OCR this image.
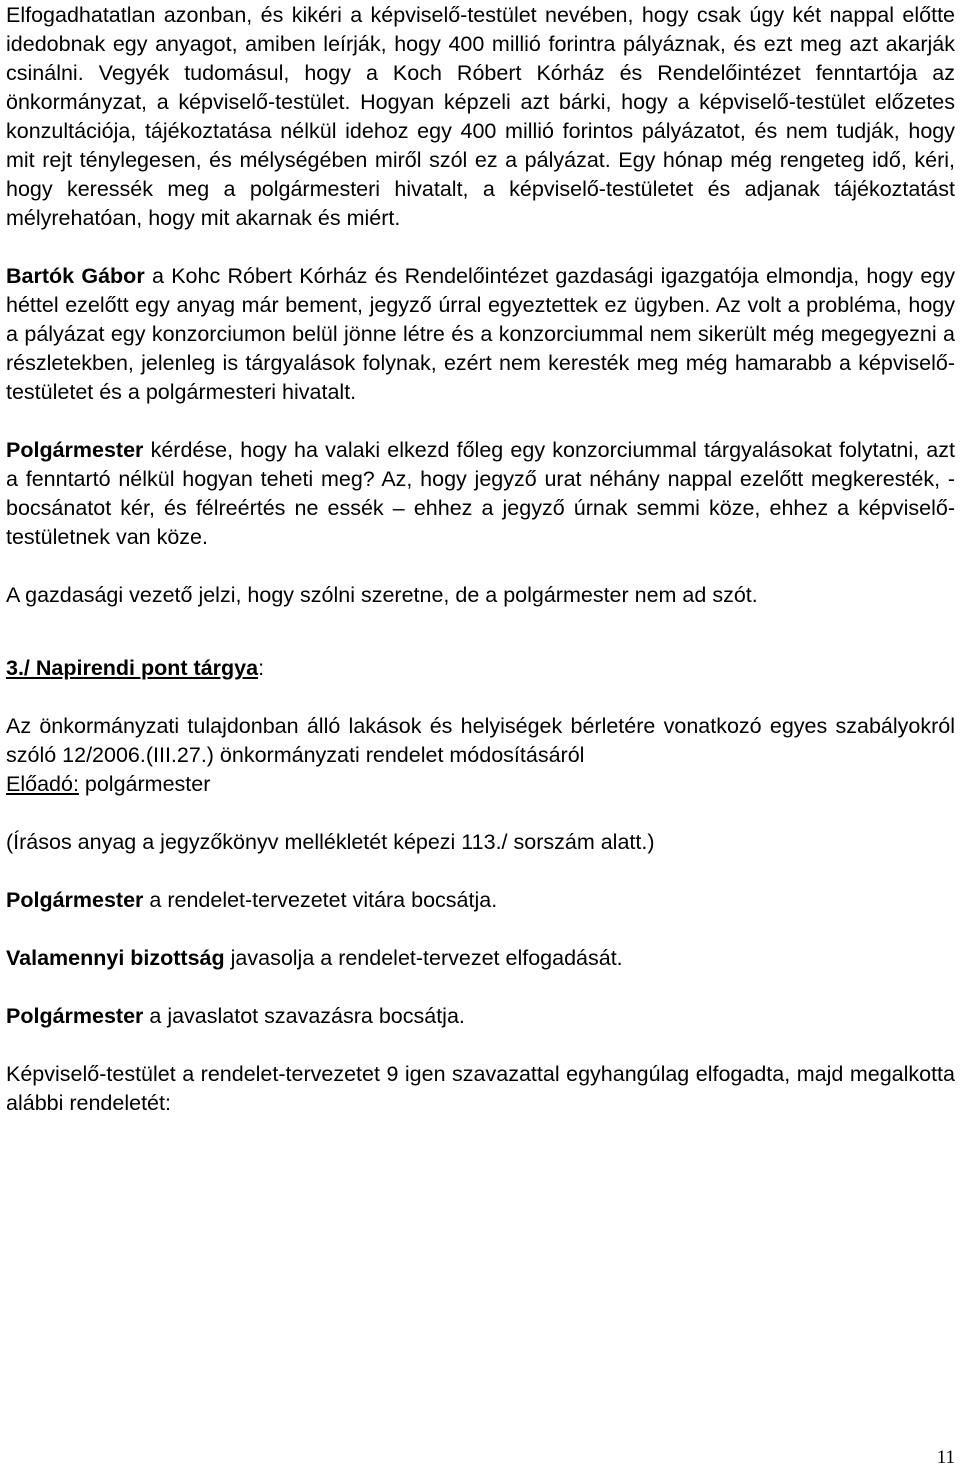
Elfogadhatatlan azonban, és kikéri a képviselő-testület nevében, hogy csak úgy két nappal előtte idedobnak egy anyagot, amiben leírják, hogy 400 millió forintra pályáznak, és ezt meg azt akarják csinálni. Vegyék tudomásul, hogy a Koch Róbert Kórház és Rendelőintézet fenntartója az önkormányzat, a képviselő-testület. Hogyan képzeli azt bárki, hogy a képviselő-testület előzetes konzultációja, tájékoztatása nélkül idehoz egy 400 millió forintos pályázatot, és nem tudják, hogy mit rejt ténylegesen, és mélységében miről szól ez a pályázat. Egy hónap még rengeteg idő, kéri, hogy keressék meg a polgármesteri hivatalt, a képviselő-testületet és adjanak tájékoztatást mélyrehatóan, hogy mit akarnak és miért.

Bartók Gábor a Kohc Róbert Kórház és Rendelőintézet gazdasági igazgatója elmondja, hogy egy héttel ezelőtt egy anyag már bement, jegyző úrral egyeztettek ez ügyben. Az volt a probléma, hogy a pályázat egy konzorciumon belül jönne létre és a konzorciummal nem sikerült még megegyezni a részletekben, jelenleg is tárgyalások folynak, ezért nem keresték meg még hamarabb a képviselő-testületet és a polgármesteri hivatalt.

Polgármester kérdése, hogy ha valaki elkezd főleg egy konzorciummal tárgyalásokat folytatni, azt a fenntartó nélkül hogyan teheti meg? Az, hogy jegyző urat néhány nappal ezelőtt megkeresték, - bocsánatot kér, és félreértés ne essék – ehhez a jegyző úrnak semmi köze, ehhez a képviselő-testületnek van köze.

A gazdasági vezető jelzi, hogy szólni szeretne, de a polgármester nem ad szót.

3./ Napirendi pont tárgya:

Az önkormányzati tulajdonban álló lakások és helyiségek bérletére vonatkozó egyes szabályokról szóló 12/2006.(III.27.) önkormányzati rendelet módosításáról

Előadó: polgármester

(Írásos anyag a jegyzőkönyv mellékletét képezi 113./ sorszám alatt.)

Polgármester a rendelet-tervezetet vitára bocsátja.

Valamennyi bizottság javasolja a rendelet-tervezet elfogadását.

Polgármester a javaslatot szavazásra bocsátja.

Képviselő-testület a rendelet-tervezetet 9 igen szavazattal egyhangúlag elfogadta, majd megalkotta alábbi rendeletét:

11
